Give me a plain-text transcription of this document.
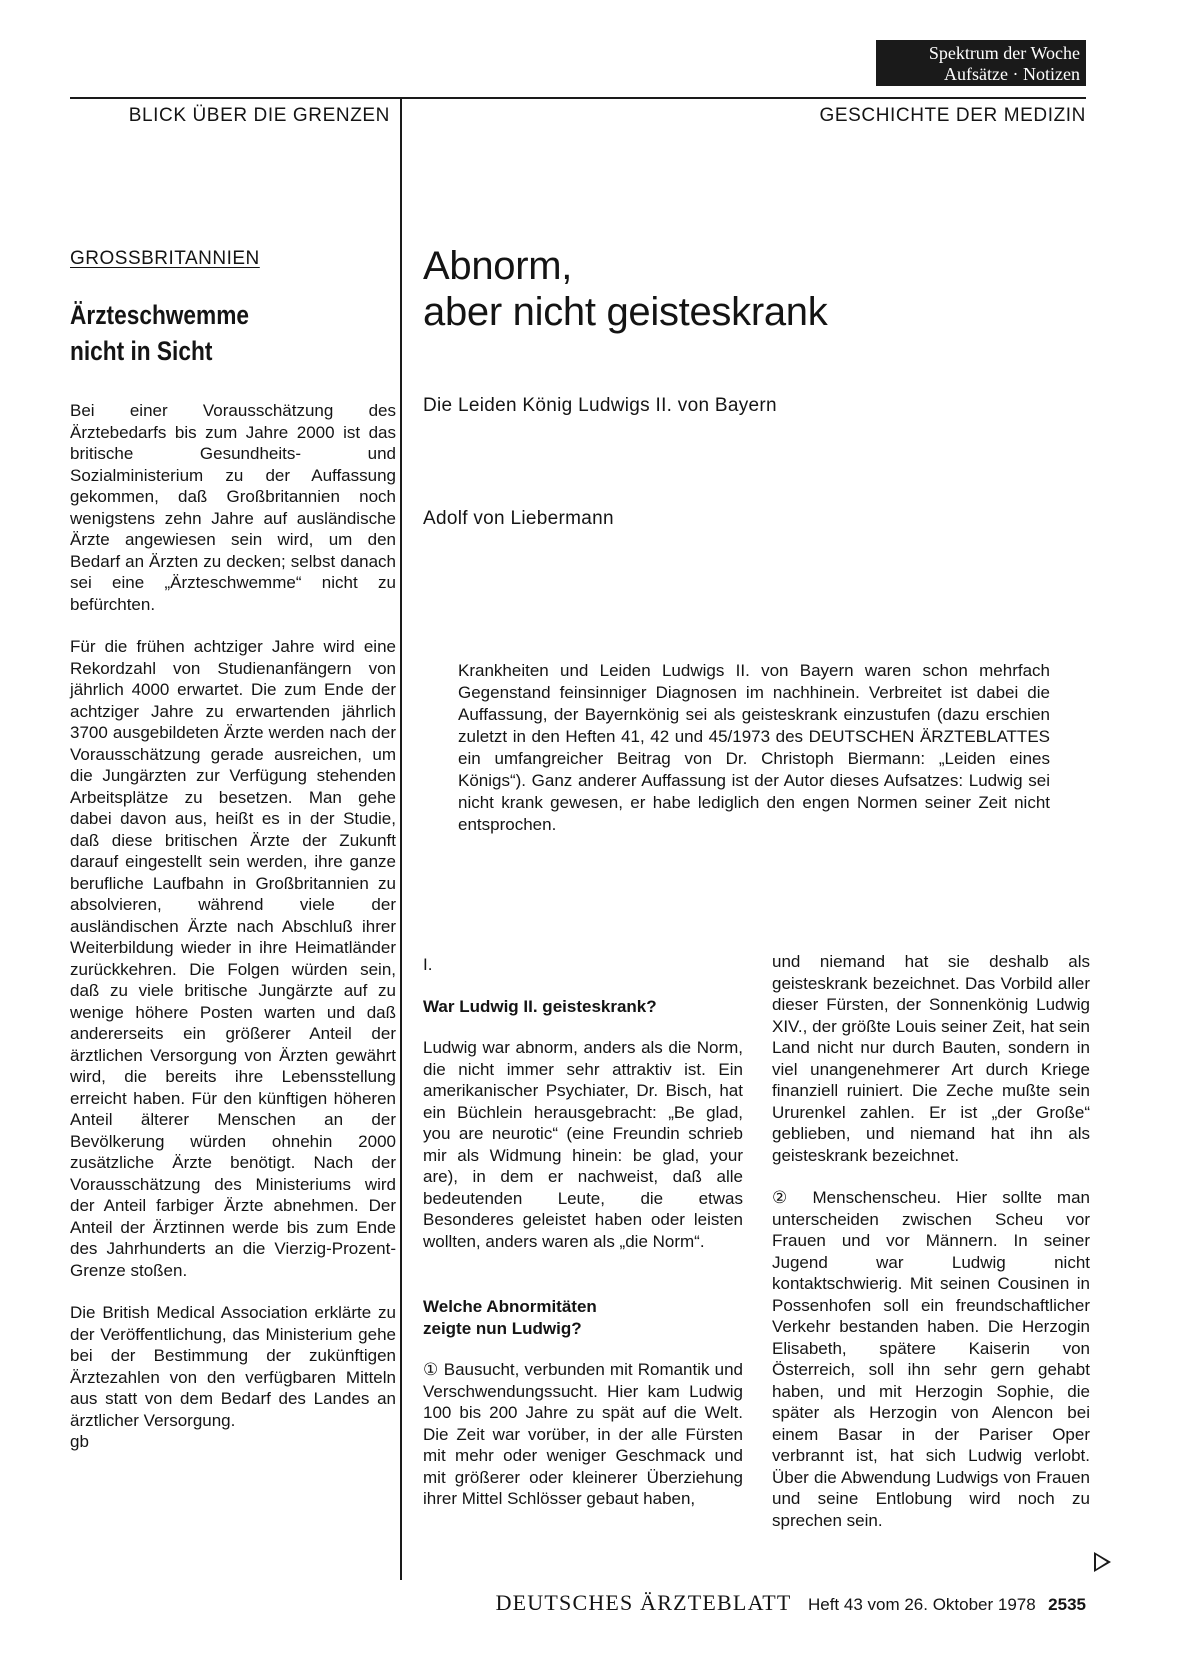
Spektrum der Woche
Aufsätze · Notizen
BLICK ÜBER DIE GRENZEN	GESCHICHTE DER MEDIZIN
GROSSBRITANNIEN
Ärzteschwemme
nicht in Sicht

Bei einer Vorausschätzung des Ärztebedarfs bis zum Jahre 2000 ist das britische Gesundheits- und Sozialministerium zu der Auffassung gekommen, daß Großbritannien noch wenigstens zehn Jahre auf ausländische Ärzte angewiesen sein wird, um den Bedarf an Ärzten zu decken; selbst danach sei eine „Ärzteschwemme“ nicht zu befürchten.

Für die frühen achtziger Jahre wird eine Rekordzahl von Studienanfängern von jährlich 4000 erwartet. Die zum Ende der achtziger Jahre zu erwartenden jährlich 3700 ausgebildeten Ärzte werden nach der Vorausschätzung gerade ausreichen, um die Jungärzten zur Verfügung stehenden Arbeitsplätze zu besetzen. Man gehe dabei davon aus, heißt es in der Studie, daß diese britischen Ärzte der Zukunft darauf eingestellt sein werden, ihre ganze berufliche Laufbahn in Großbritannien zu absolvieren, während viele der ausländischen Ärzte nach Abschluß ihrer Weiterbildung wieder in ihre Heimatländer zurückkehren. Die Folgen würden sein, daß zu viele britische Jungärzte auf zu wenige höhere Posten warten und daß andererseits ein größerer Anteil der ärztlichen Versorgung von Ärzten gewährt wird, die bereits ihre Lebensstellung erreicht haben. Für den künftigen höheren Anteil älterer Menschen an der Bevölkerung würden ohnehin 2000 zusätzliche Ärzte benötigt. Nach der Vorausschätzung des Ministeriums wird der Anteil farbiger Ärzte abnehmen. Der Anteil der Ärztinnen werde bis zum Ende des Jahrhunderts an die Vierzig-Prozent-Grenze stoßen.

Die British Medical Association erklärte zu der Veröffentlichung, das Ministerium gehe bei der Bestimmung der zukünftigen Ärztezahlen von den verfügbaren Mitteln aus statt von dem Bedarf des Landes an ärztlicher Versorgung.

gb
Abnorm,
aber nicht geisteskrank
Die Leiden König Ludwigs II. von Bayern
Adolf von Liebermann

Krankheiten und Leiden Ludwigs II. von Bayern waren schon mehrfach Gegenstand feinsinniger Diagnosen im nachhinein. Verbreitet ist dabei die Auffassung, der Bayernkönig sei als geisteskrank einzustufen (dazu erschien zuletzt in den Heften 41, 42 und 45/1973 des DEUTSCHEN ÄRZTEBLATTES ein umfangreicher Beitrag von Dr. Christoph Biermann: „Leiden eines Königs“). Ganz anderer Auffassung ist der Autor dieses Aufsatzes: Ludwig sei nicht krank gewesen, er habe lediglich den engen Normen seiner Zeit nicht entsprochen.

I.

War Ludwig II. geisteskrank?

Ludwig war abnorm, anders als die Norm, die nicht immer sehr attraktiv ist. Ein amerikanischer Psychiater, Dr. Bisch, hat ein Büchlein herausgebracht: „Be glad, you are neurotic“ (eine Freundin schrieb mir als Widmung hinein: be glad, your are), in dem er nachweist, daß alle bedeutenden Leute, die etwas Besonderes geleistet haben oder leisten wollten, anders waren als „die Norm“.

Welche Abnormitäten
zeigte nun Ludwig?

① Bausucht, verbunden mit Romantik und Verschwendungssucht. Hier kam Ludwig 100 bis 200 Jahre zu spät auf die Welt. Die Zeit war vorüber, in der alle Fürsten mit mehr oder weniger Geschmack und mit größerer oder kleinerer Überziehung ihrer Mittel Schlösser gebaut haben,

und niemand hat sie deshalb als geisteskrank bezeichnet. Das Vorbild aller dieser Fürsten, der Sonnenkönig Ludwig XIV., der größte Louis seiner Zeit, hat sein Land nicht nur durch Bauten, sondern in viel unangenehmerer Art durch Kriege finanziell ruiniert. Die Zeche mußte sein Ururenkel zahlen. Er ist „der Große“ geblieben, und niemand hat ihn als geisteskrank bezeichnet.

② Menschenscheu. Hier sollte man unterscheiden zwischen Scheu vor Frauen und vor Männern. In seiner Jugend war Ludwig nicht kontaktschwierig. Mit seinen Cousinen in Possenhofen soll ein freundschaftlicher Verkehr bestanden haben. Die Herzogin Elisabeth, spätere Kaiserin von Österreich, soll ihn sehr gern gehabt haben, und mit Herzogin Sophie, die später als Herzogin von Alencon bei einem Basar in der Pariser Oper verbrannt ist, hat sich Ludwig verlobt. Über die Abwendung Ludwigs von Frauen und seine Entlobung wird noch zu sprechen sein.

DEUTSCHES ÄRZTEBLATT Heft 43 vom 26. Oktober 1978 2535
